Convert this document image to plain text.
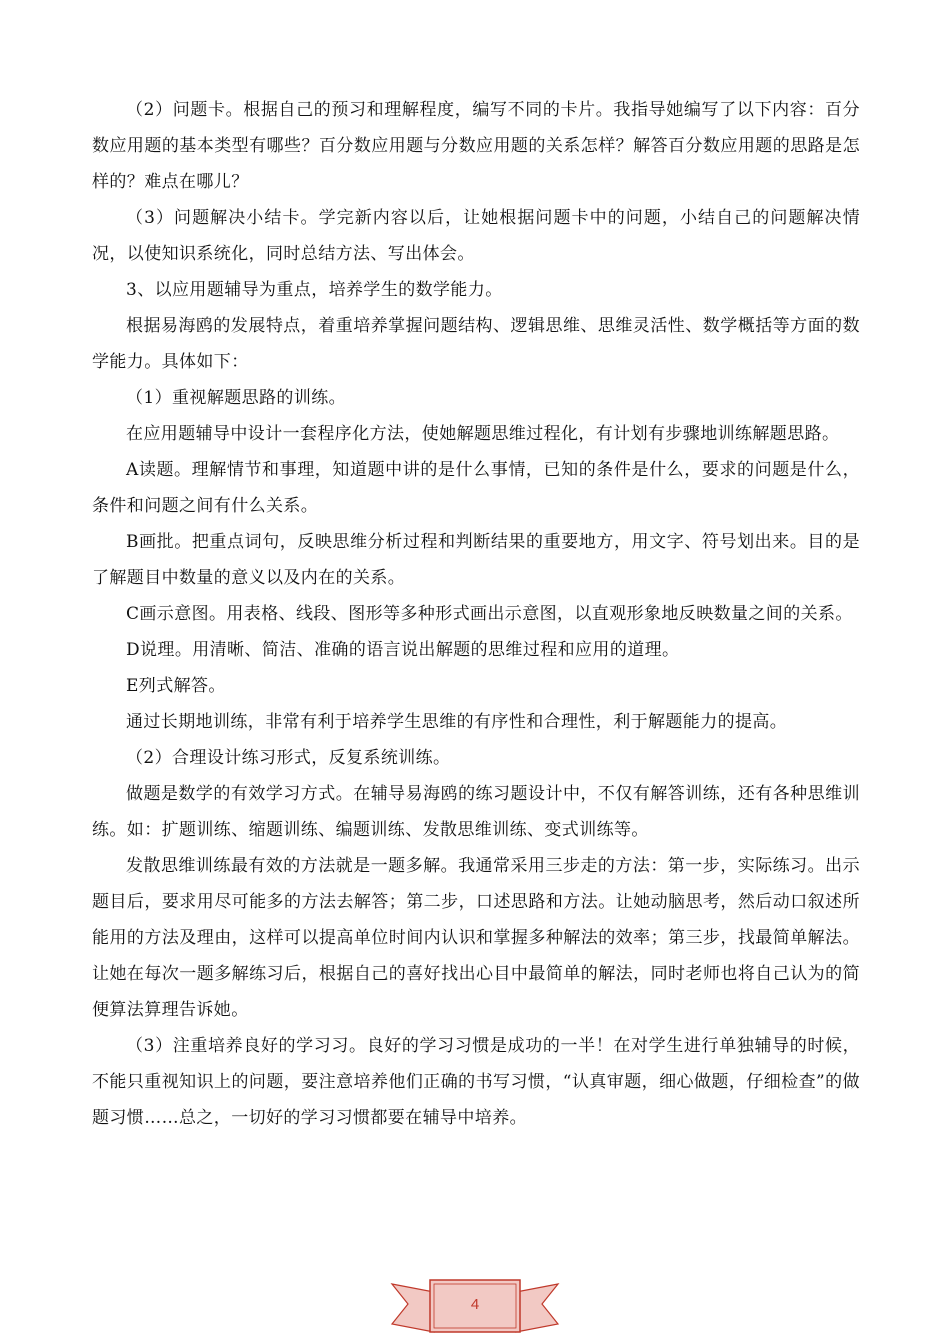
（2）问题卡。根据自己的预习和理解程度，编写不同的卡片。我指导她编写了以下内容：百分数应用题的基本类型有哪些？百分数应用题与分数应用题的关系怎样？解答百分数应用题的思路是怎样的？难点在哪儿？

（3）问题解决小结卡。学完新内容以后，让她根据问题卡中的问题，小结自己的问题解决情况，以使知识系统化，同时总结方法、写出体会。

3、以应用题辅导为重点，培养学生的数学能力。

根据易海鸥的发展特点，着重培养掌握问题结构、逻辑思维、思维灵活性、数学概括等方面的数学能力。具体如下：

（1）重视解题思路的训练。

在应用题辅导中设计一套程序化方法，使她解题思维过程化，有计划有步骤地训练解题思路。

A读题。理解情节和事理，知道题中讲的是什么事情，已知的条件是什么，要求的问题是什么，条件和问题之间有什么关系。

B画批。把重点词句，反映思维分析过程和判断结果的重要地方，用文字、符号划出来。目的是了解题目中数量的意义以及内在的关系。

C画示意图。用表格、线段、图形等多种形式画出示意图，以直观形象地反映数量之间的关系。

D说理。用清晰、简洁、准确的语言说出解题的思维过程和应用的道理。

E列式解答。

通过长期地训练，非常有利于培养学生思维的有序性和合理性，利于解题能力的提高。

（2）合理设计练习形式，反复系统训练。

做题是数学的有效学习方式。在辅导易海鸥的练习题设计中，不仅有解答训练，还有各种思维训练。如：扩题训练、缩题训练、编题训练、发散思维训练、变式训练等。

发散思维训练最有效的方法就是一题多解。我通常采用三步走的方法：第一步，实际练习。出示题目后，要求用尽可能多的方法去解答；第二步，口述思路和方法。让她动脑思考，然后动口叙述所能用的方法及理由，这样可以提高单位时间内认识和掌握多种解法的效率；第三步，找最简单解法。让她在每次一题多解练习后，根据自己的喜好找出心目中最简单的解法，同时老师也将自己认为的简便算法算理告诉她。

（3）注重培养良好的学习习。良好的学习习惯是成功的一半！在对学生进行单独辅导的时候，不能只重视知识上的问题，要注意培养他们正确的书写习惯，“认真审题，细心做题，仔细检查”的做题习惯……总之，一切好的学习习惯都要在辅导中培养。

4
